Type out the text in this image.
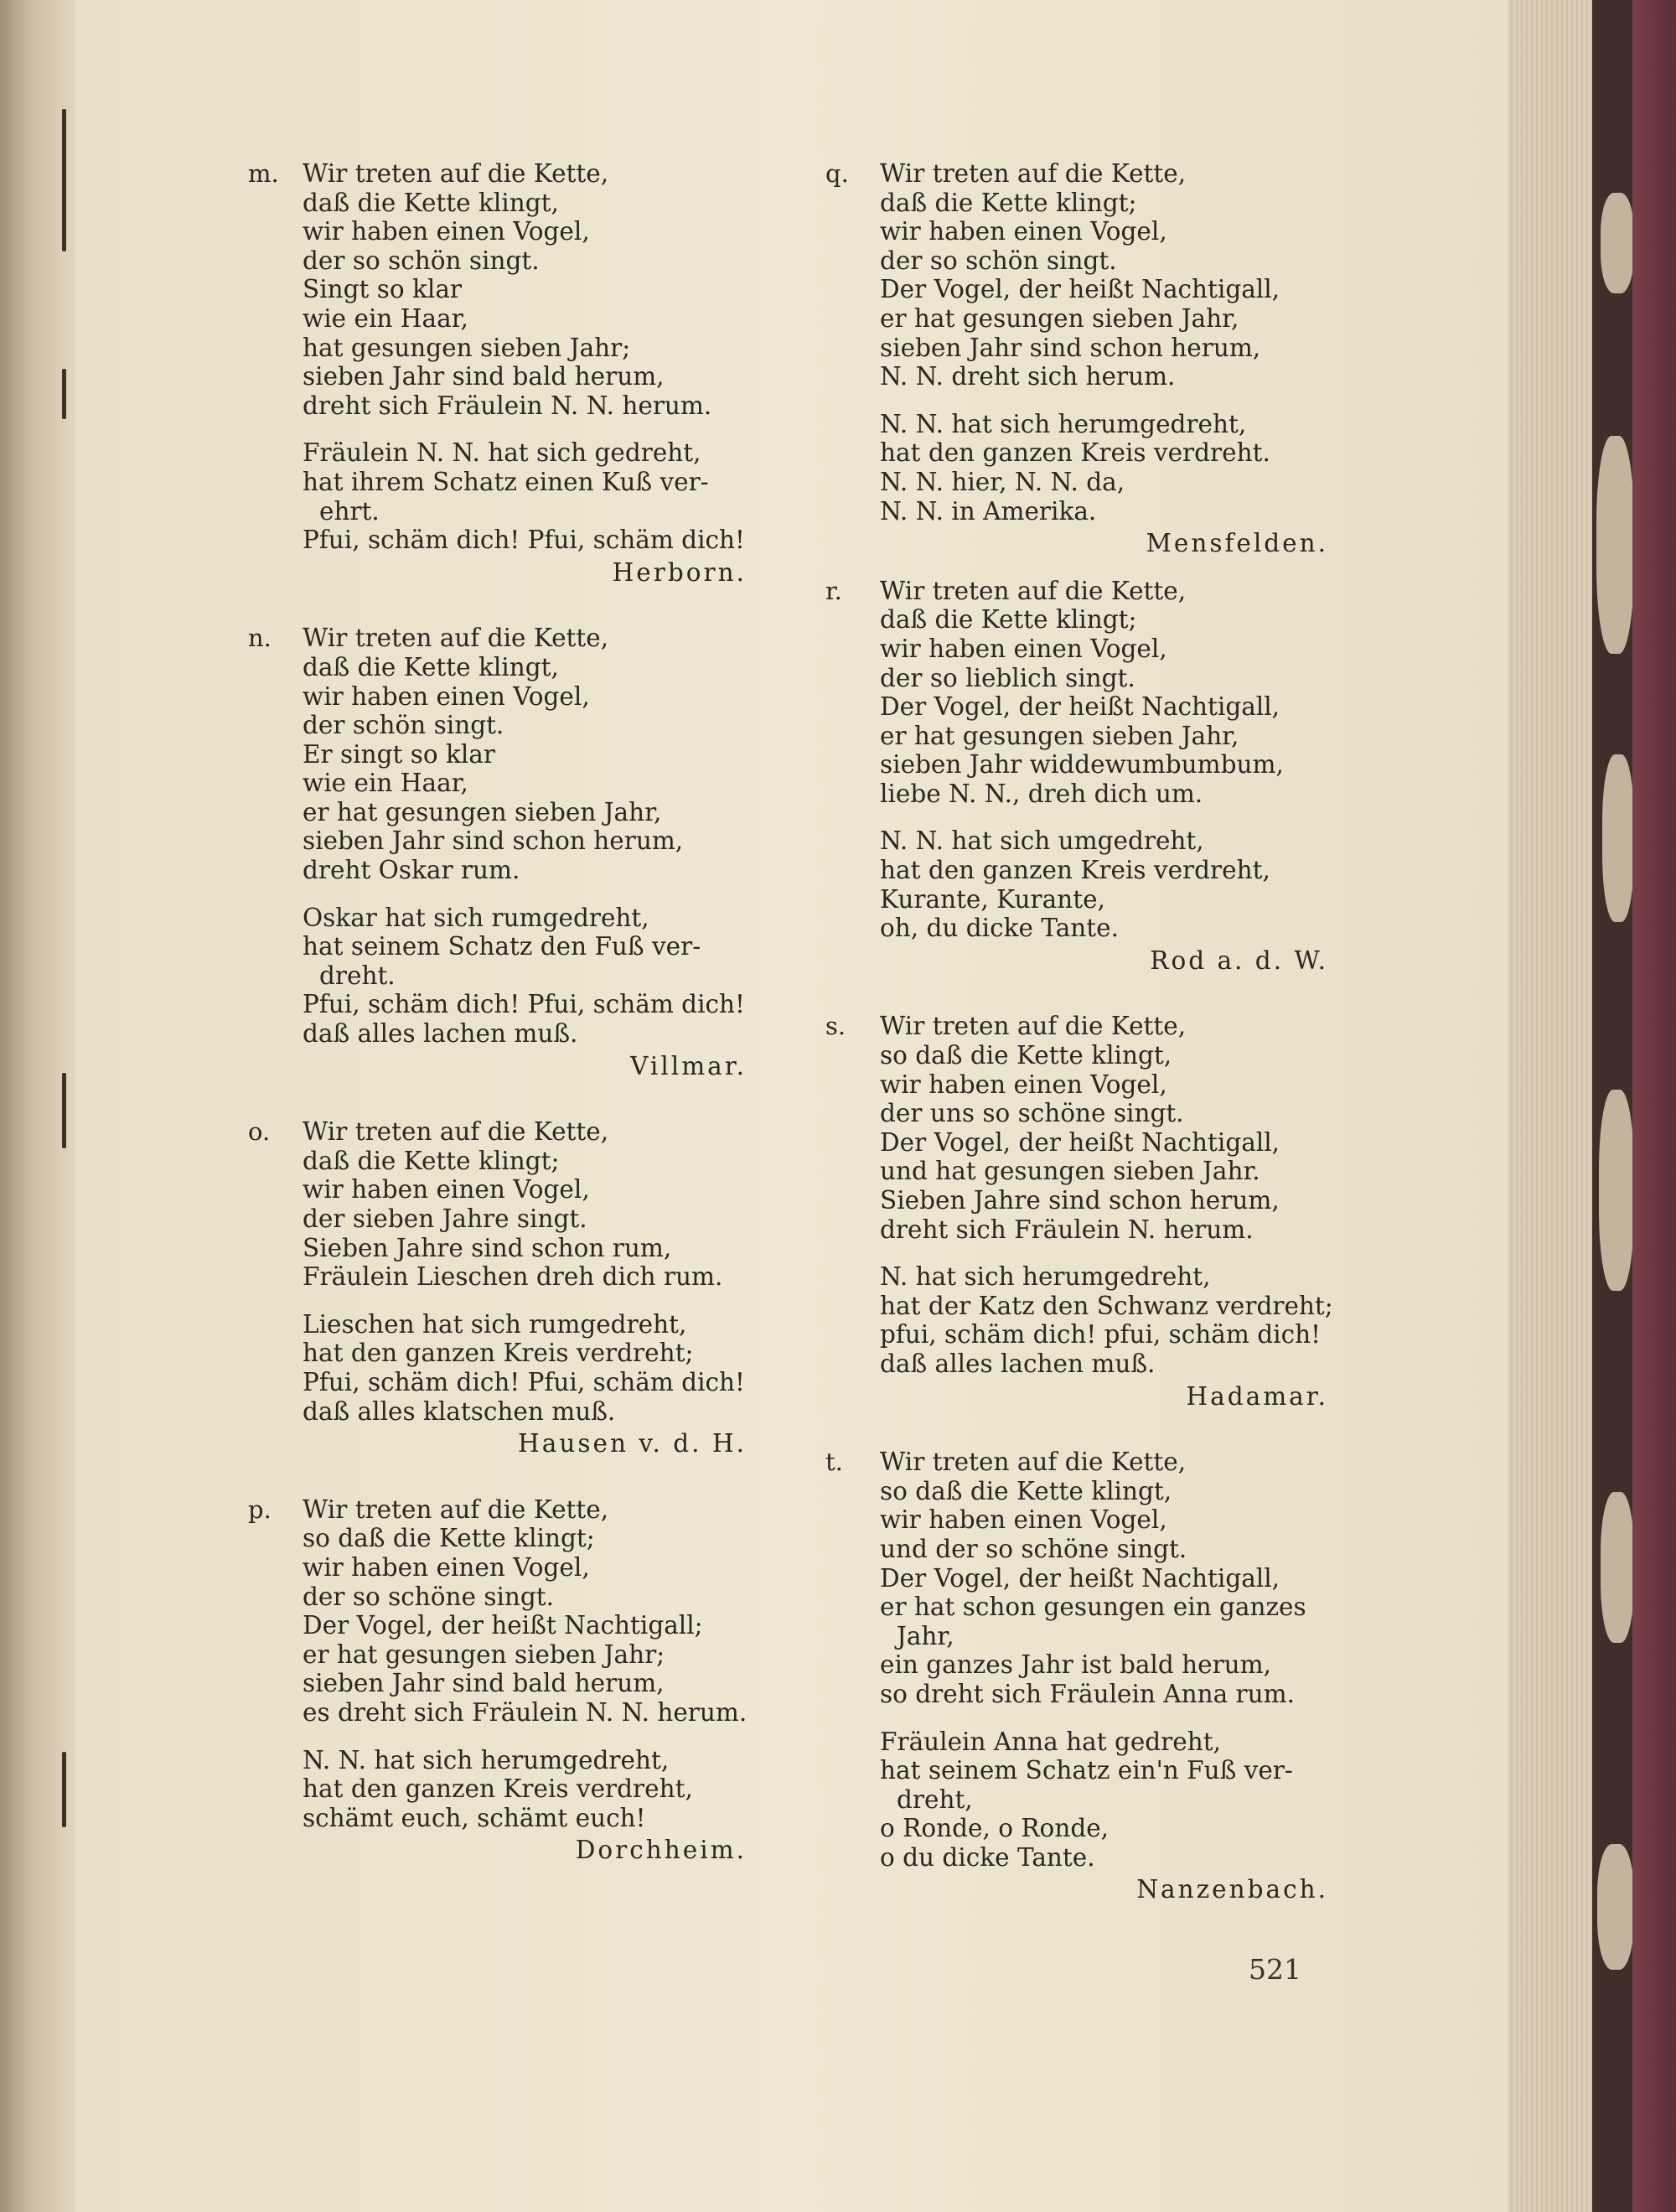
m. Wir treten auf die Kette,
daß die Kette klingt,
wir haben einen Vogel,
der so schön singt.
Singt so klar
wie ein Haar,
hat gesungen sieben Jahr;
sieben Jahr sind bald herum,
dreht sich Fräulein N. N. herum.
Fräulein N. N. hat sich gedreht,
hat ihrem Schatz einen Kuß ver-
ehrt.
Pfui, schäm dich! Pfui, schäm dich!
Herborn.
n.	Wir treten auf die Kette,
daß die Kette klingt,
wir haben einen Vogel,
der schön singt.
Er singt so klar
wie ein Haar,
er hat gesungen sieben Jahr,
sieben Jahr sind schon herum,
dreht Oskar rum.
Oskar hat sich rumgedreht,
hat seinem Schatz den Fuß ver-
dreht.
Pfui, schäm dich! Pfui, schäm dich!
daß alles lachen muß.
Villmar.
o.	Wir treten auf die Kette,
daß die Kette klingt;
wir haben einen Vogel,
der sieben Jahre singt.
Sieben Jahre sind schon rum,
Fräulein Lieschen dreh dich rum.
Lieschen hat sich rumgedreht,
hat den ganzen Kreis verdreht;
Pfui, schäm dich! Pfui, schäm dich!
daß alles klatschen muß.
Hausen v. d. H.
p.	Wir treten auf die Kette,
so daß die Kette klingt;
wir haben einen Vogel,
der so schöne singt.
Der Vogel, der heißt Nachtigall;
er hat gesungen sieben Jahr;
sieben Jahr sind bald herum,
es dreht sich Fräulein N. N. herum.
N. N. hat sich herumgedreht,
hat den ganzen Kreis verdreht,
schämt euch, schämt euch!
Dorchheim.
q.	Wir treten auf die Kette,
daß die Kette klingt;
wir haben einen Vogel,
der so schön singt.
Der Vogel, der heißt Nachtigall,
er hat gesungen sieben Jahr,
sieben Jahr sind schon herum,
N. N. dreht sich herum.
N. N. hat sich herumgedreht,
hat den ganzen Kreis verdreht.
N. N. hier, N. N. da,
N. N. in Amerika.
Mensfelden.
r.	Wir treten auf die Kette,
daß die Kette klingt;
wir haben einen Vogel,
der so lieblich singt.
Der Vogel, der heißt Nachtigall,
er hat gesungen sieben Jahr,
sieben Jahr widdewumbumbum,
liebe N. N., dreh dich um.
N. N. hat sich umgedreht,
hat den ganzen Kreis verdreht,
Kurante, Kurante,
oh, du dicke Tante.
Rod a. d. W.
s.	Wir treten auf die Kette,
so daß die Kette klingt,
wir haben einen Vogel,
der uns so schöne singt.
Der Vogel, der heißt Nachtigall,
und hat gesungen sieben Jahr.
Sieben Jahre sind schon herum,
dreht sich Fräulein N. herum.
N. hat sich herumgedreht,
hat der Katz den Schwanz verdreht;
pfui, schäm dich! pfui, schäm dich!
daß alles lachen muß.
Hadamar.
t.	Wir treten auf die Kette,
so daß die Kette klingt,
wir haben einen Vogel,
und der so schöne singt.
Der Vogel, der heißt Nachtigall,
er hat schon gesungen ein ganzes
Jahr,
ein ganzes Jahr ist bald herum,
so dreht sich Fräulein Anna rum.
Fräulein Anna hat gedreht,
hat seinem Schatz ein'n Fuß ver-
dreht,
o Ronde, o Ronde,
o du dicke Tante.
Nanzenbach.
521
